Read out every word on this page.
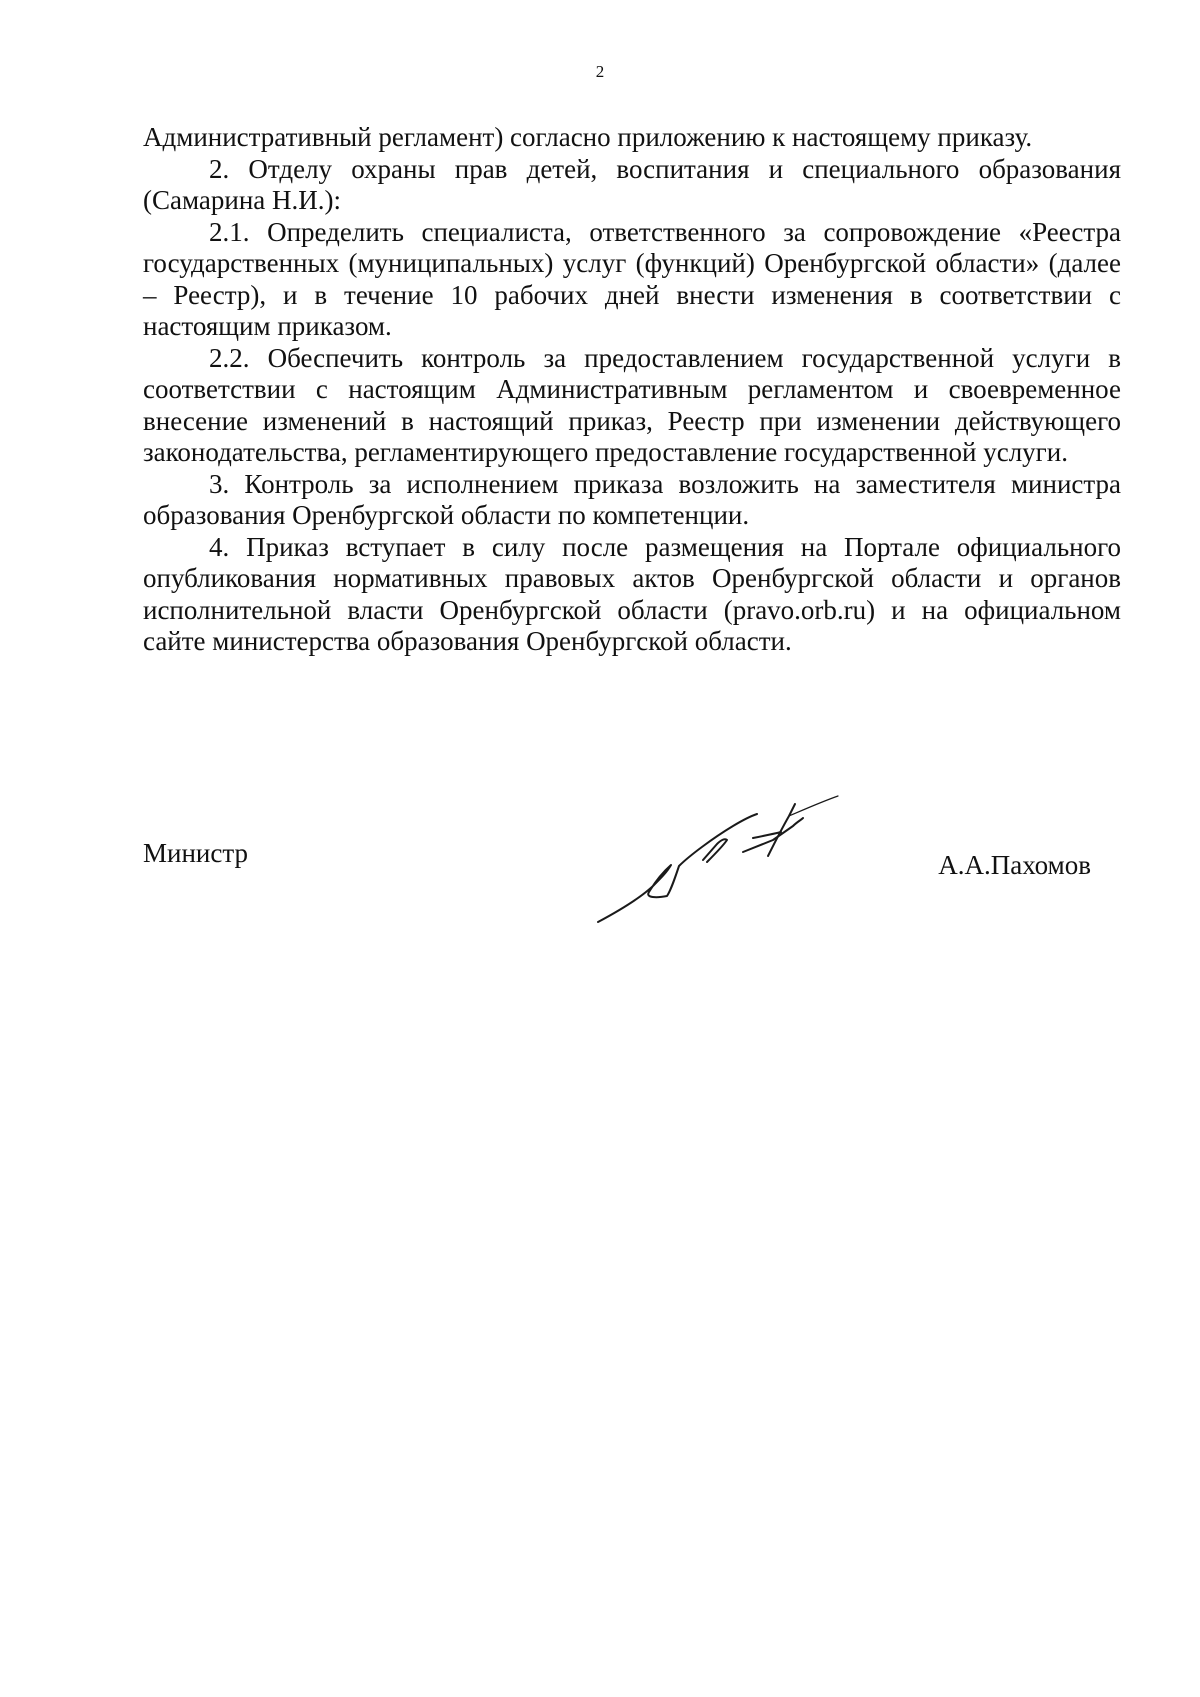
2

Административный регламент) согласно приложению к настоящему приказу.

2. Отделу охраны прав детей, воспитания и специального образования (Самарина Н.И.):

2.1. Определить специалиста, ответственного за сопровождение «Реестра государственных (муниципальных) услуг (функций) Оренбургской области» (далее – Реестр), и в течение 10 рабочих дней внести изменения в соответствии с настоящим приказом.

2.2. Обеспечить контроль за предоставлением государственной услуги в соответствии с настоящим Административным регламентом и своевременное внесение изменений в настоящий приказ, Реестр при изменении действующего законодательства, регламентирующего предоставление государственной услуги.

3. Контроль за исполнением приказа возложить на заместителя министра образования Оренбургской области по компетенции.

4. Приказ вступает в силу после размещения на Портале официального опубликования нормативных правовых актов Оренбургской области и органов исполнительной власти Оренбургской области (pravo.orb.ru) и на официальном сайте министерства образования Оренбургской области.

Министр	А.А.Пахомов
